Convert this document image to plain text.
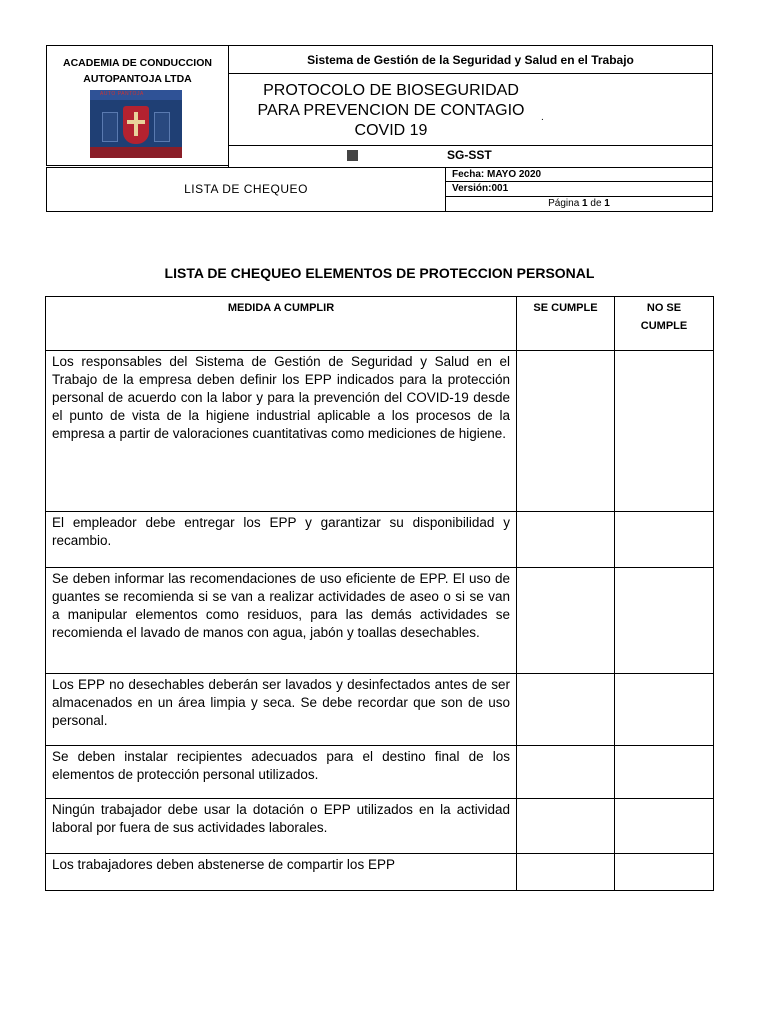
ACADEMIA DE CONDUCCION
AUTOPANTOJA LTDA
AUTO PANTOJA
Sistema de Gestión de la Seguridad y Salud en el Trabajo
PROTOCOLO DE BIOSEGURIDAD
PARA PREVENCION DE CONTAGIO
COVID 19
.
SG-SST
LISTA DE CHEQUEO
Fecha: MAYO 2020
Versión:001
Página 1 de 1
LISTA DE CHEQUEO ELEMENTOS DE PROTECCION PERSONAL
MEDIDA A CUMPLIR	SE CUMPLE	NO SE CUMPLE
Los responsables del Sistema de Gestión de Seguridad y Salud en el Trabajo de la empresa deben definir los EPP indicados para la protección personal de acuerdo con la labor y para la prevención del COVID-19 desde el punto de vista de la higiene industrial aplicable a los procesos de la empresa a partir de valoraciones cuantitativas como mediciones de higiene.		
El empleador debe entregar los EPP y garantizar su disponibilidad y recambio.		
Se deben informar las recomendaciones de uso eficiente de EPP. El uso de guantes se recomienda si se van a realizar actividades de aseo o si se van a manipular elementos como residuos, para las demás actividades se recomienda el lavado de manos con agua, jabón y toallas desechables.		
Los EPP no desechables deberán ser lavados y desinfectados antes de ser almacenados en un área limpia y seca. Se debe recordar que son de uso personal.		
Se deben instalar recipientes adecuados para el destino final de los elementos de protección personal utilizados.		
Ningún trabajador debe usar la dotación o EPP utilizados en la actividad laboral por fuera de sus actividades laborales.		
Los trabajadores deben abstenerse de compartir los EPP		
